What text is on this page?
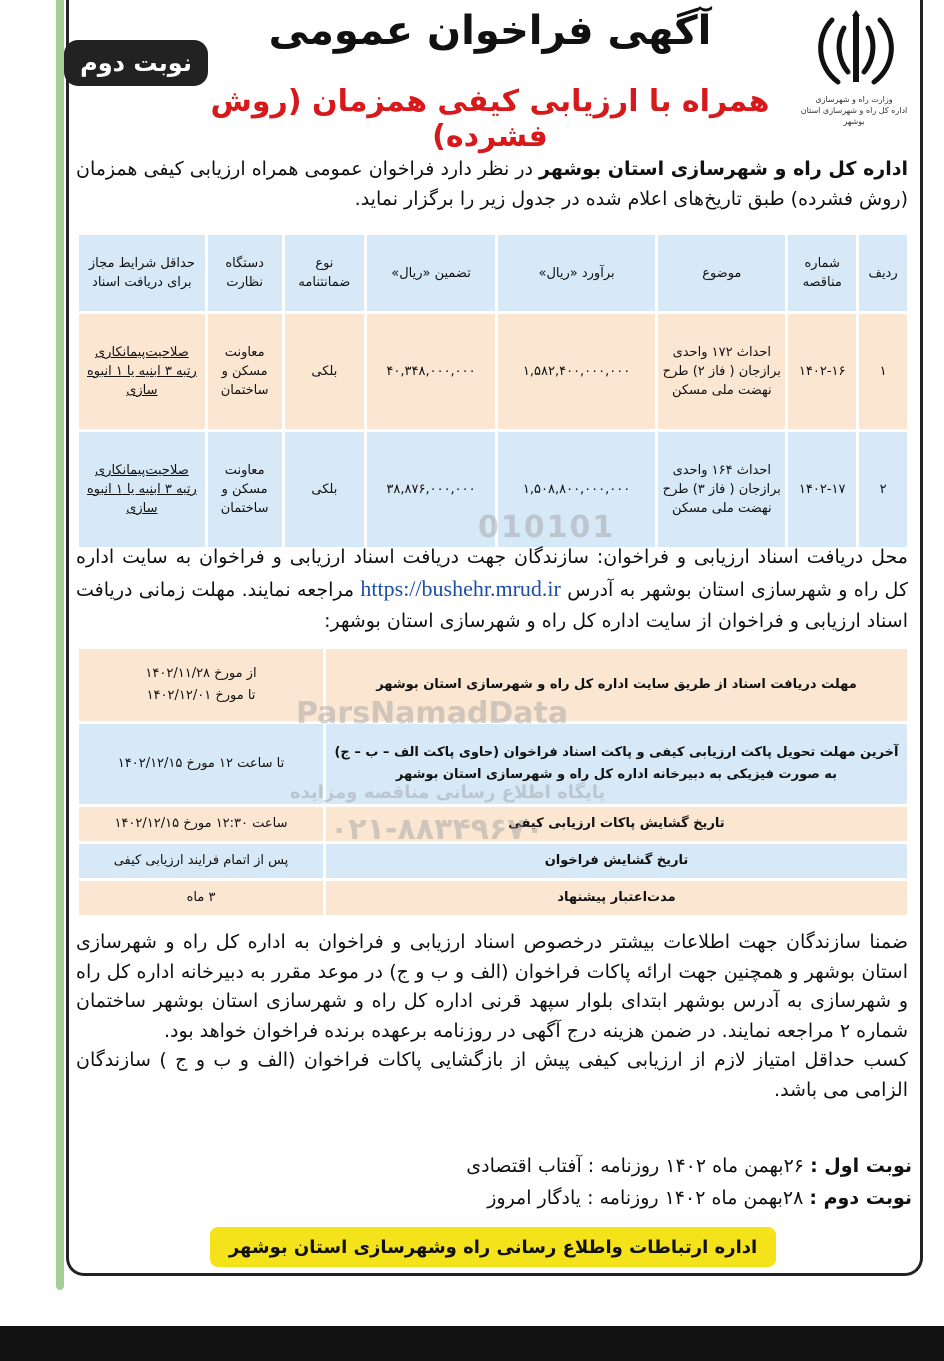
نوبت دوم
آگهی فراخوان عمومی
همراه با ارزیابی کیفی همزمان (روش فشرده)
وزارت راه و شهرسازی
اداره کل راه و شهرسازی استان بوشهر
اداره کل راه و شهرسازی استان بوشهر در نظر دارد فراخوان عمومی همراه ارزیابی کیفی همزمان (روش فشرده) طبق تاریخ‌های اعلام شده در جدول زیر را برگزار نماید.
ردیف	شماره مناقصه	موضوع	برآورد «ریال»	تضمین «ریال»	نوع ضمانتنامه	دستگاه نظارت	حداقل شرایط مجاز برای دریافت اسناد
۱	۱۴۰۲-۱۶	احداث ۱۷۲ واحدی برازجان ( فاز ۲) طرح نهضت ملی مسکن	۱,۵۸۲,۴۰۰,۰۰۰,۰۰۰	۴۰,۳۴۸,۰۰۰,۰۰۰	بلکی	معاونت مسکن و ساختمان	صلاحیت‌پیمانکاری رتبه ۳ ابنیه یا ۱ انبوه سازی
۲	۱۴۰۲-۱۷	احداث ۱۶۴ واحدی برازجان ( فاز ۳) طرح نهضت ملی مسکن	۱,۵۰۸,۸۰۰,۰۰۰,۰۰۰	۳۸,۸۷۶,۰۰۰,۰۰۰	بلکی	معاونت مسکن و ساختمان	صلاحیت‌پیمانکاری رتبه ۳ ابنیه یا ۱ انبوه سازی
محل دریافت اسناد ارزیابی و فراخوان: سازندگان جهت دریافت اسناد ارزیابی و فراخوان به سایت اداره کل راه و شهرسازی استان بوشهر به آدرس https://bushehr.mrud.ir مراجعه نمایند. مهلت زمانی دریافت اسناد ارزیابی و فراخوان از سایت اداره کل راه و شهرسازی استان بوشهر:
مهلت دریافت اسناد از طریق سایت اداره کل راه و شهرسازی استان بوشهر	از مورخ ۱۴۰۲/۱۱/۲۸
تا مورخ ۱۴۰۲/۱۲/۰۱

آخرین مهلت تحویل پاکت ارزیابی کیفی و پاکت اسناد فراخوان (حاوی پاکت الف – ب – ج)
به صورت فیزیکی به دبیرخانه اداره کل راه و شهرسازی استان بوشهر	تا ساعت ۱۲ مورخ ۱۴۰۲/۱۲/۱۵
تاریخ گشایش پاکات ارزیابی کیفی	ساعت ۱۲:۳۰ مورخ ۱۴۰۲/۱۲/۱۵
تاریخ گشایش فراخوان	پس از اتمام فرایند ارزیابی کیفی
مدت‌اعتبار پیشنهاد	۳ ماه
ضمنا سازندگان جهت اطلاعات بیشتر درخصوص اسناد ارزیابی و فراخوان به اداره کل راه و شهرسازی استان بوشهر و همچنین جهت ارائه پاکات فراخوان (الف و ب و ج) در موعد مقرر به دبیرخانه اداره کل راه و شهرسازی به آدرس بوشهر ابتدای بلوار سپهد قرنی اداره کل راه و شهرسازی استان بوشهر ساختمان شماره ۲ مراجعه نمایند. در ضمن هزینه درج آگهی در روزنامه برعهده برنده فراخوان خواهد بود.
کسب حداقل امتیاز لازم از ارزیابی کیفی پیش از بازگشایی پاکات فراخوان (الف و ب و ج ) سازندگان الزامی می باشد.
نوبت اول : ۲۶بهمن ماه ۱۴۰۲ روزنامه : آفتاب اقتصادی
نوبت دوم : ۲۸بهمن ماه ۱۴۰۲ روزنامه : یادگار امروز
اداره ارتباطات واطلاع رسانی راه وشهرسازی استان بوشهر
010101
ParsNamadData
پایگاه اطلاع رسانی مناقصه ومزایده
۰۲۱-۸۸۳۴۹۶۷۰
